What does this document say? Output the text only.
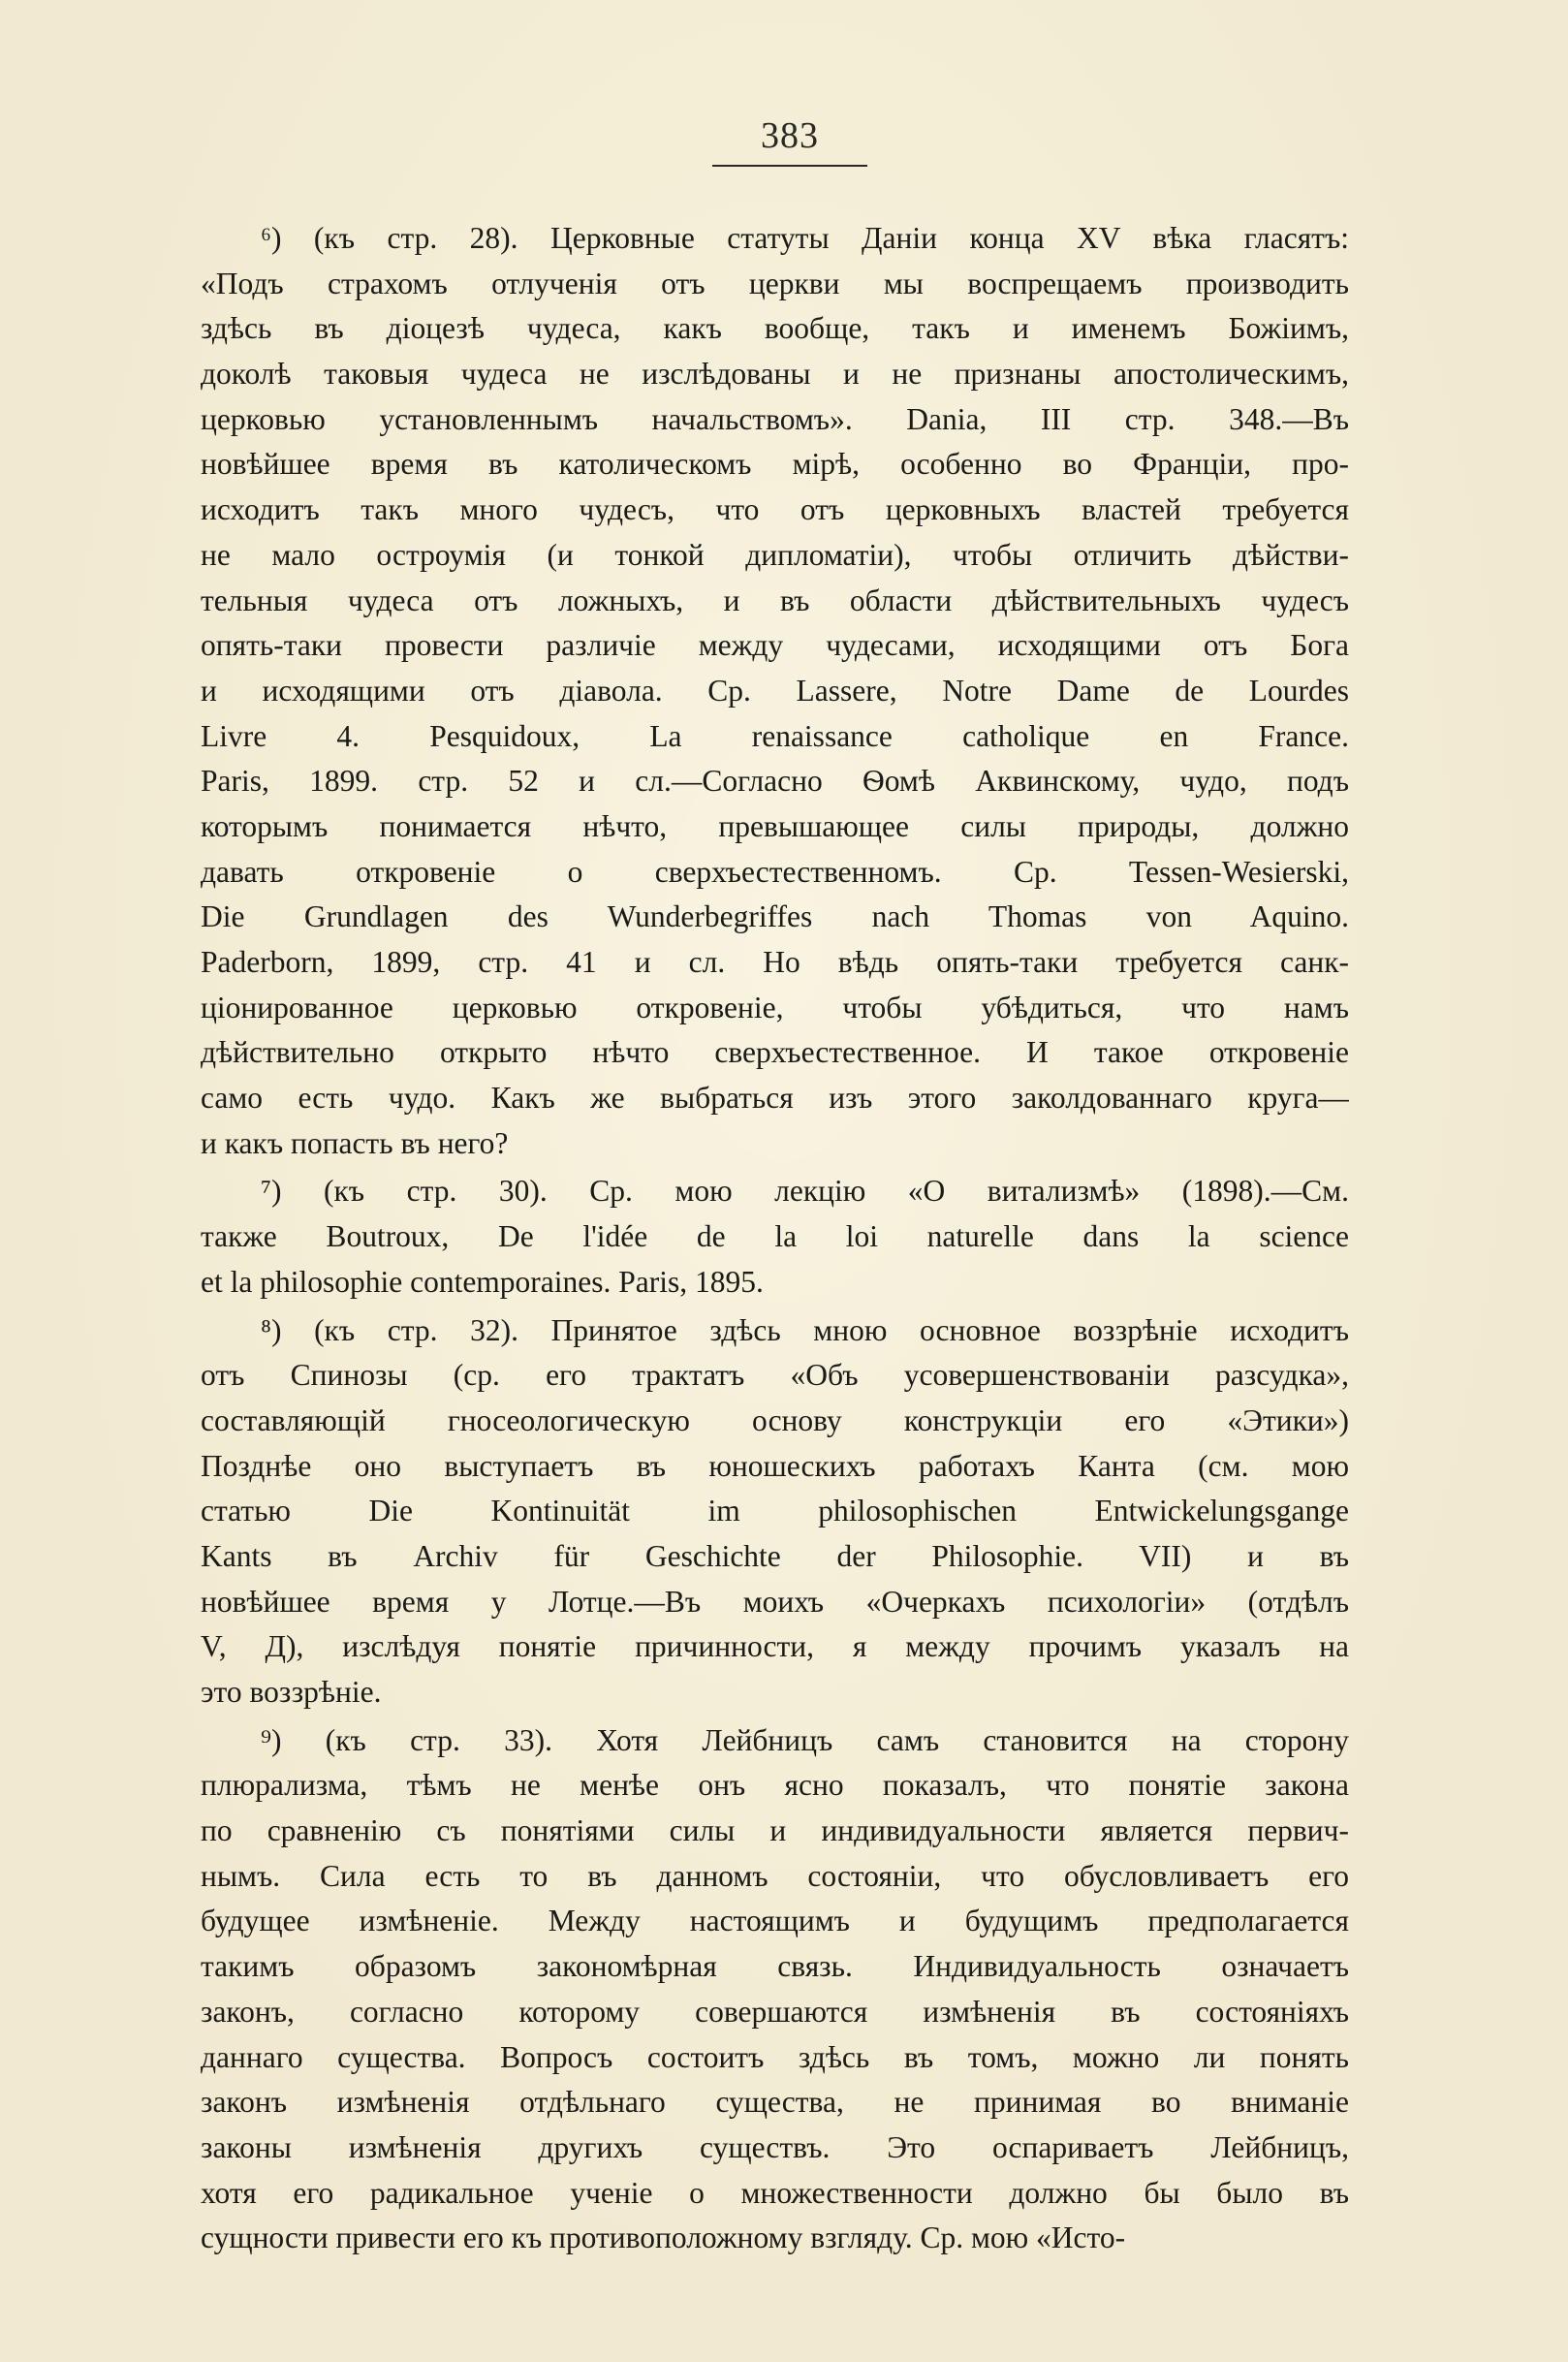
383
⁶) (къ стр. 28). Церковные статуты Даніи конца XV вѣка гласятъ:
«Подъ страхомъ отлученія отъ церкви мы воспрещаемъ производить
здѣсь въ діоцезѣ чудеса, какъ вообще, такъ и именемъ Божіимъ,
доколѣ таковыя чудеса не изслѣдованы и не признаны апостолическимъ,
церковью установленнымъ начальствомъ». Dania, III стр. 348.—Въ
новѣйшее время въ католическомъ мірѣ, особенно во Франціи, про-
исходитъ такъ много чудесъ, что отъ церковныхъ властей требуется
не мало остроумія (и тонкой дипломатіи), чтобы отличить дѣйстви-
тельныя чудеса отъ ложныхъ, и въ области дѣйствительныхъ чудесъ
опять-таки провести различіе между чудесами, исходящими отъ Бога
и исходящими отъ діавола. Ср. Lassere, Notre Dame de Lourdes
Livre 4. Pesquidoux, La renaissance catholique en France.
Paris, 1899. стр. 52 и сл.—Согласно Ѳомѣ Аквинскому, чудо, подъ
которымъ понимается нѣчто, превышающее силы природы, должно
давать откровеніе о сверхъестественномъ. Ср. Tessen-Wesierski,
Die Grundlagen des Wunderbegriffes nach Thomas von Aquino.
Paderborn, 1899, стр. 41 и сл. Но вѣдь опять-таки требуется санк-
ціонированное церковью откровеніе, чтобы убѣдиться, что намъ
дѣйствительно открыто нѣчто сверхъестественное. И такое откровеніе
само есть чудо. Какъ же выбраться изъ этого заколдованнаго круга—
и какъ попасть въ него?
⁷) (къ стр. 30). Ср. мою лекцію «О витализмѣ» (1898).—См.
также Boutroux, De l'idée de la loi naturelle dans la science
et la philosophie contemporaines. Paris, 1895.
⁸) (къ стр. 32). Принятое здѣсь мною основное воззрѣніе исходитъ
отъ Спинозы (ср. его трактатъ «Объ усовершенствованіи разсудка»,
составляющій гносеологическую основу конструкціи его «Этики»)
Позднѣе оно выступаетъ въ юношескихъ работахъ Канта (см. мою
статью Die Kontinuität im philosophischen Entwickelungsgange
Kants въ Archiv für Geschichte der Philosophie. VII) и въ
новѣйшее время у Лотце.—Въ моихъ «Очеркахъ психологіи» (отдѣлъ
V, Д), изслѣдуя понятіе причинности, я между прочимъ указалъ на
это воззрѣніе.
⁹) (къ стр. 33). Хотя Лейбницъ самъ становится на сторону
плюрализма, тѣмъ не менѣе онъ ясно показалъ, что понятіе закона
по сравненію съ понятіями силы и индивидуальности является первич-
нымъ. Сила есть то въ данномъ состояніи, что обусловливаетъ его
будущее измѣненіе. Между настоящимъ и будущимъ предполагается
такимъ образомъ закономѣрная связь. Индивидуальность означаетъ
законъ, согласно которому совершаются измѣненія въ состояніяхъ
даннаго существа. Вопросъ состоитъ здѣсь въ томъ, можно ли понять
законъ измѣненія отдѣльнаго существа, не принимая во вниманіе
законы измѣненія другихъ существъ. Это оспариваетъ Лейбницъ,
хотя его радикальное ученіе о множественности должно бы было въ
сущности привести его къ противоположному взгляду. Ср. мою «Исто-
